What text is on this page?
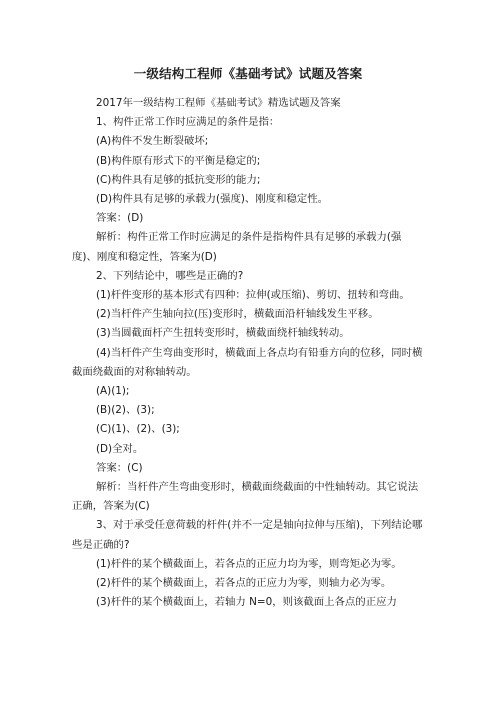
一级结构工程师《基础考试》试题及答案

2017年一级结构工程师《基础考试》精选试题及答案

1、构件正常工作时应满足的条件是指：

(A)构件不发生断裂破坏;

(B)构件原有形式下的平衡是稳定的;

(C)构件具有足够的抵抗变形的能力;

(D)构件具有足够的承载力(强度)、刚度和稳定性。

答案：(D)

解析：构件正常工作时应满足的条件是指构件具有足够的承载力(强度)、刚度和稳定性，答案为(D)

2、下列结论中，哪些是正确的?

(1)杆件变形的基本形式有四种：拉伸(或压缩)、剪切、扭转和弯曲。

(2)当杆件产生轴向拉(压)变形时，横截面沿杆轴线发生平移。

(3)当圆截面杆产生扭转变形时，横截面绕杆轴线转动。

(4)当杆件产生弯曲变形时，横截面上各点均有铅垂方向的位移，同时横截面绕截面的对称轴转动。

(A)(1);

(B)(2)、(3);

(C)(1)、(2)、(3);

(D)全对。

答案：(C)

解析：当杆件产生弯曲变形时，横截面绕截面的中性轴转动。其它说法正确，答案为(C)

3、对于承受任意荷载的杆件(并不一定是轴向拉伸与压缩)，下列结论哪些是正确的?

(1)杆件的某个横截面上，若各点的正应力均为零，则弯矩必为零。

(2)杆件的某个横截面上，若各点的正应力为零，则轴力必为零。

(3)杆件的某个横截面上，若轴力 N=0，则该截面上各点的正应力
